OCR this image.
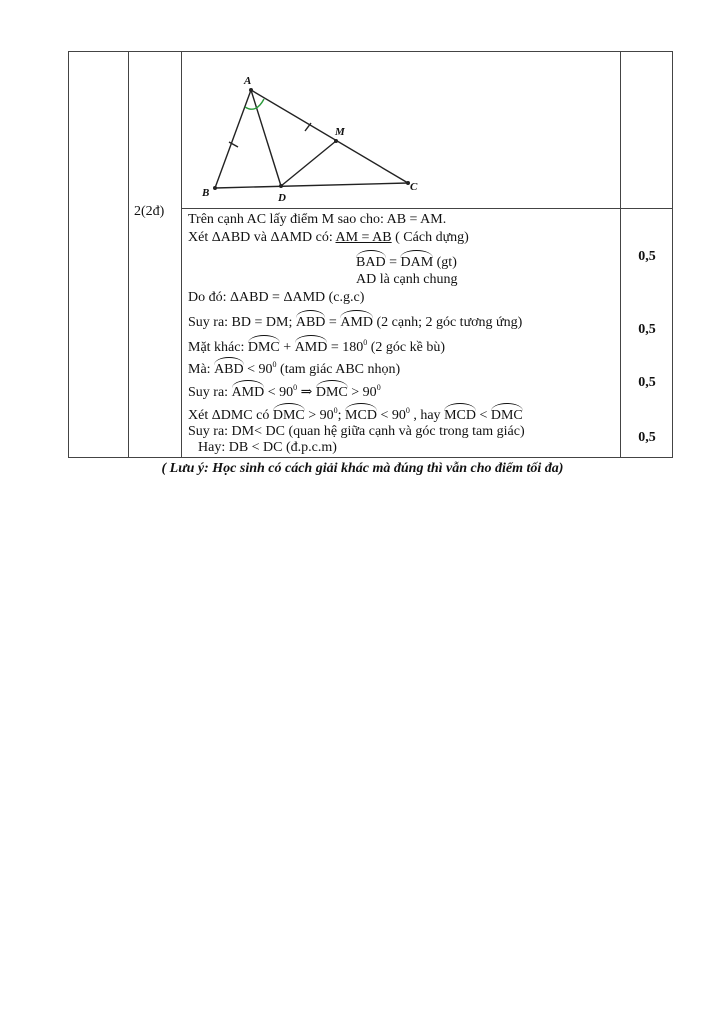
2(2đ)
A
B	C
D
M
Trên cạnh AC lấy điểm M sao cho: AB = AM.
Xét ΔABD và ΔAMD có: AM = AB ( Cách dựng)
BAD = DAM (gt)
AD là cạnh chung
Do đó: ΔABD = ΔAMD (c.g.c)
Suy ra: BD = DM; ABD = AMD (2 cạnh; 2 góc tương ứng)
Mặt khác: DMC + AMD = $180^0$ (2 góc kề bù)
Mà: ABD < $90^0$ (tam giác ABC nhọn)
Suy ra: AMD < $90^0$ ⇒ DMC > $90^0$
Xét ΔDMC có DMC > $90^0$; MCD < $90^0$ , hay MCD < DMC
Suy ra: DM< DC (quan hệ giữa cạnh và góc trong tam giác)
Hay: DB < DC (đ.p.c.m)
0,5
0,5
0,5
0,5
( Lưu ý: Học sinh có cách giải khác mà đúng thì vẫn cho điểm tối đa)
